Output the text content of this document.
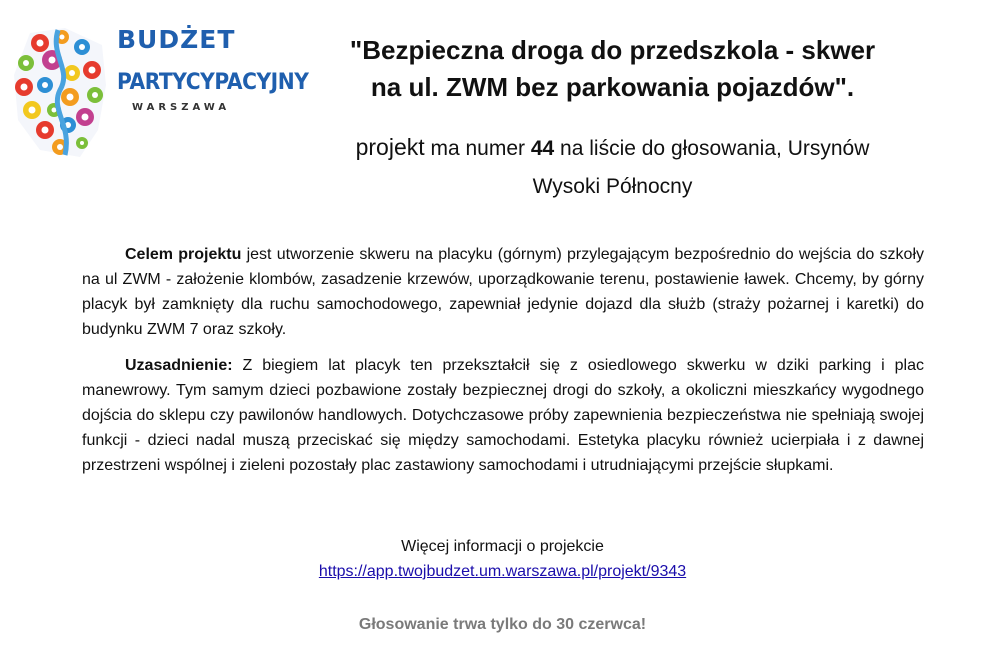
BUDŻET
PARTYCYPACYJNY
WARSZAWA
"Bezpieczna droga do przedszkola - skwer
na ul. ZWM bez parkowania pojazdów".
projekt ma numer 44 na liście do głosowania, Ursynów
Wysoki Północny
Celem projektu jest utworzenie skweru na placyku (górnym) przylegającym bezpośrednio do wejścia do szkoły na ul ZWM - założenie klombów, zasadzenie krzewów, uporządkowanie terenu, postawienie ławek. Chcemy, by górny placyk był zamknięty dla ruchu samochodowego, zapewniał jedynie dojazd dla służb (straży pożarnej i karetki) do budynku ZWM 7 oraz szkoły.
Uzasadnienie: Z biegiem lat placyk ten przekształcił się z osiedlowego skwerku w dziki parking i plac manewrowy. Tym samym dzieci pozbawione zostały bezpiecznej drogi do szkoły, a okoliczni mieszkańcy wygodnego dojścia do sklepu czy pawilonów handlowych. Dotychczasowe próby zapewnienia bezpieczeństwa nie spełniają swojej funkcji - dzieci nadal muszą przeciskać się między samochodami. Estetyka placyku również ucierpiała i z dawnej przestrzeni wspólnej i zieleni pozostały plac zastawiony samochodami i utrudniającymi przejście słupkami.
Więcej informacji o projekcie
https://app.twojbudzet.um.warszawa.pl/projekt/9343
Głosowanie trwa tylko do 30 czerwca!
